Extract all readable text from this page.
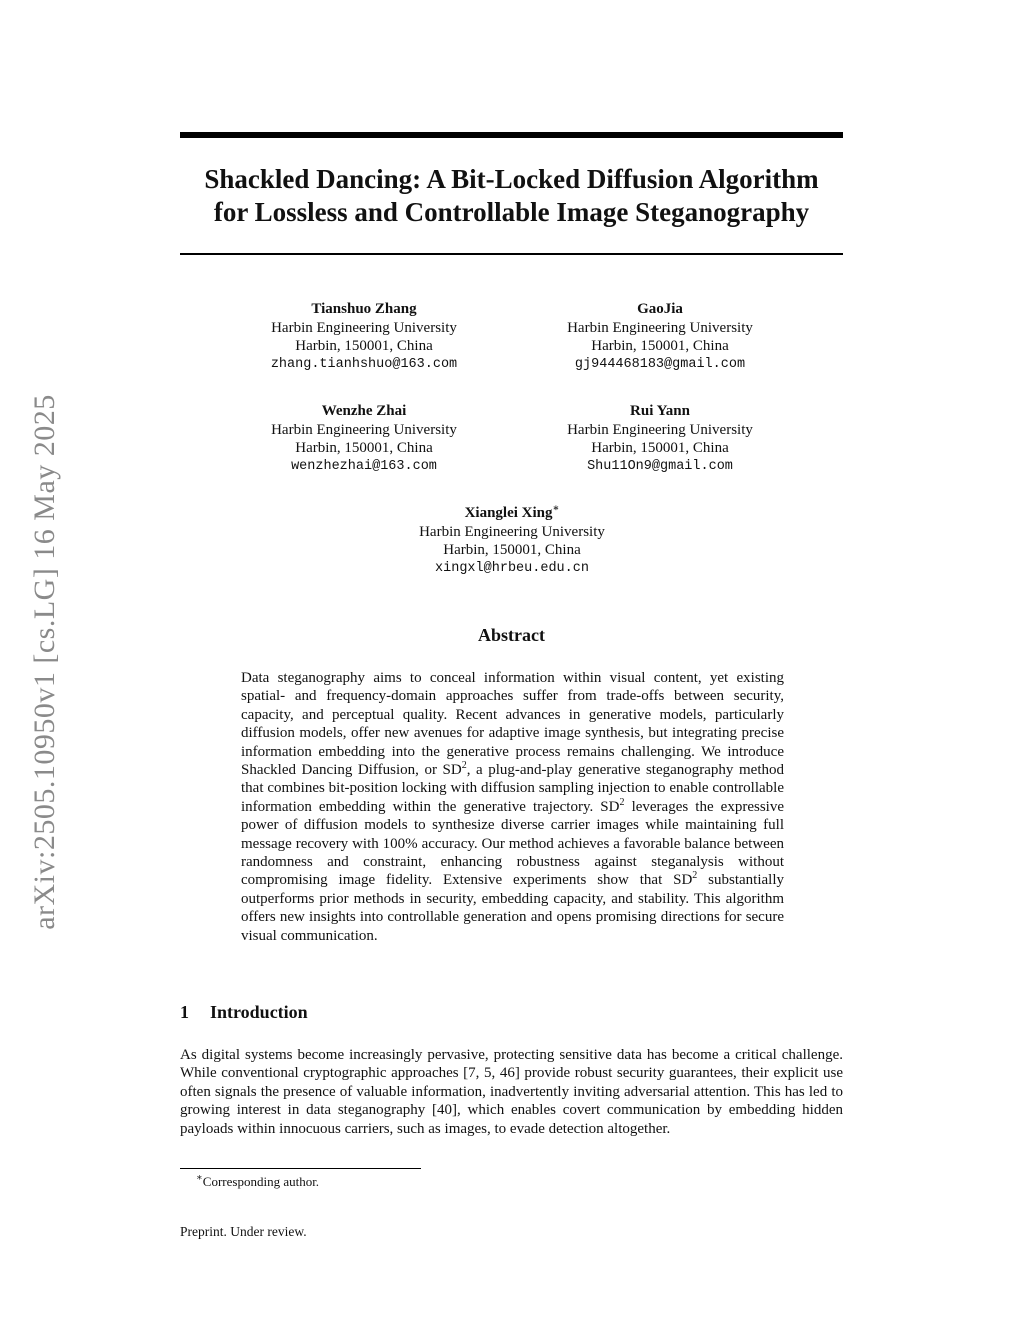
arXiv:2505.10950v1 [cs.LG] 16 May 2025
Shackled Dancing: A Bit-Locked Diffusion Algorithm
for Lossless and Controllable Image Steganography
Tianshuo Zhang
Harbin Engineering University
Harbin, 150001, China
zhang.tianhshuo@163.com
GaoJia
Harbin Engineering University
Harbin, 150001, China
gj944468183@gmail.com
Wenzhe Zhai
Harbin Engineering University
Harbin, 150001, China
wenzhezhai@163.com
Rui Yann
Harbin Engineering University
Harbin, 150001, China
Shu11On9@gmail.com
Xianglei Xing∗
Harbin Engineering University
Harbin, 150001, China
xingxl@hrbeu.edu.cn
Abstract

Data steganography aims to conceal information within visual content, yet existing spatial- and frequency-domain approaches suffer from trade-offs between security, capacity, and perceptual quality. Recent advances in generative models, particularly diffusion models, offer new avenues for adaptive image synthesis, but integrating precise information embedding into the generative process remains challenging. We introduce Shackled Dancing Diffusion, or $SD^2$, a plug-and-play generative steganography method that combines bit-position locking with diffusion sampling injection to enable controllable information embedding within the generative trajectory. $SD^2$ leverages the expressive power of diffusion models to synthesize diverse carrier images while maintaining full message recovery with 100% accuracy. Our method achieves a favorable balance between randomness and constraint, enhancing robustness against steganalysis without compromising image fidelity. Extensive experiments show that $SD^2$ substantially outperforms prior methods in security, embedding capacity, and stability. This algorithm offers new insights into controllable generation and opens promising directions for secure visual communication.

1 Introduction

As digital systems become increasingly pervasive, protecting sensitive data has become a critical challenge. While conventional cryptographic approaches [7, 5, 46] provide robust security guarantees, their explicit use often signals the presence of valuable information, inadvertently inviting adversarial attention. This has led to growing interest in data steganography [40], which enables covert communication by embedding hidden payloads within innocuous carriers, such as images, to evade detection altogether.

∗Corresponding author.
Preprint. Under review.
